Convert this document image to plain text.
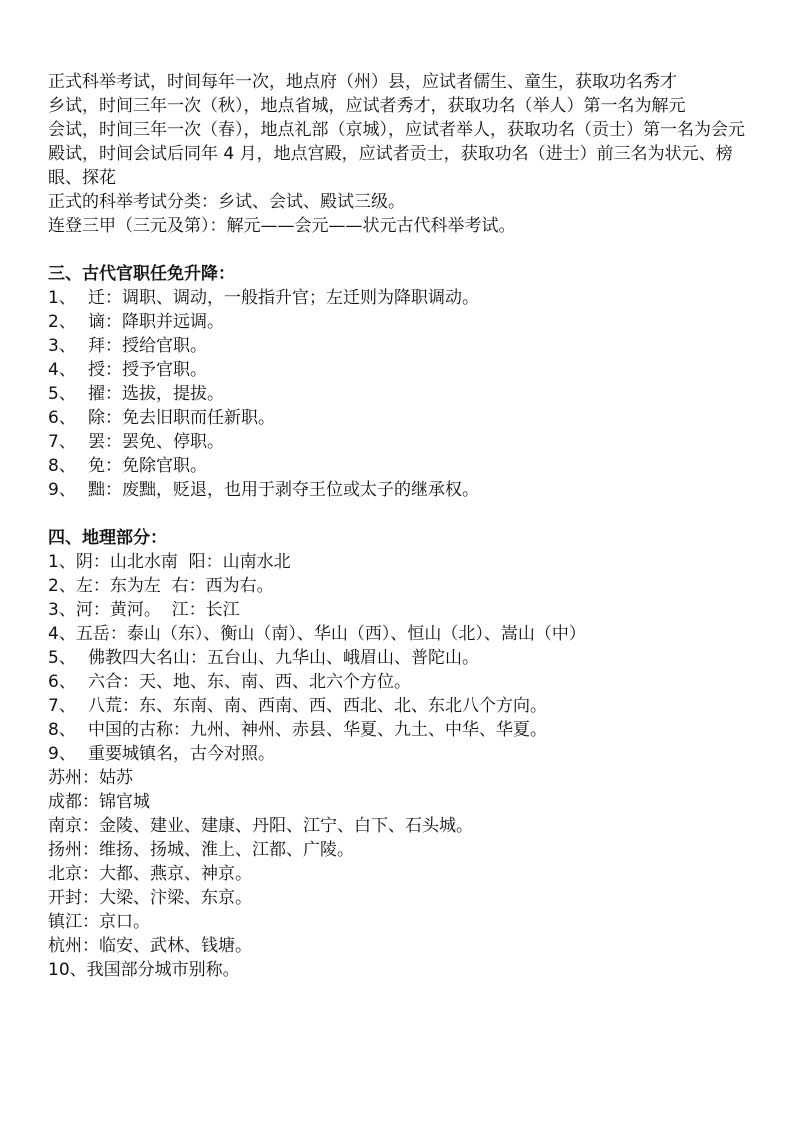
正式科举考试，时间每年一次，地点府（州）县，应试者儒生、童生，获取功名秀才
乡试，时间三年一次（秋），地点省城，应试者秀才，获取功名（举人）第一名为解元
会试，时间三年一次（春），地点礼部（京城），应试者举人，获取功名（贡士）第一名为会元
殿试，时间会试后同年 4 月，地点宫殿，应试者贡士，获取功名（进士）前三名为状元、榜眼、探花
正式的科举考试分类：乡试、会试、殿试三级。
连登三甲（三元及第）：解元——会元——状元古代科举考试。
三、古代官职任免升降：
1、 迁：调职、调动，一般指升官；左迁则为降职调动。
2、 谪：降职并远调。
3、 拜：授给官职。
4、 授：授予官职。
5、 擢：选拔，提拔。
6、 除：免去旧职而任新职。
7、 罢：罢免、停职。
8、 免：免除官职。
9、 黜：废黜，贬退，也用于剥夺王位或太子的继承权。
四、地理部分：
1、阴：山北水南  阳：山南水北
2、左：东为左  右：西为右。
3、河：黄河。  江：长江
4、五岳：泰山（东）、衡山（南）、华山（西）、恒山（北）、嵩山（中）
5、 佛教四大名山：五台山、九华山、峨眉山、普陀山。
6、 六合：天、地、东、南、西、北六个方位。
7、 八荒：东、东南、南、西南、西、西北、北、东北八个方向。
8、 中国的古称：九州、神州、赤县、华夏、九土、中华、华夏。
9、 重要城镇名，古今对照。
苏州：姑苏
成都：锦官城
南京：金陵、建业、建康、丹阳、江宁、白下、石头城。
扬州：维扬、扬城、淮上、江都、广陵。
北京：大都、燕京、神京。
开封：大梁、汴梁、东京。
镇江：京口。
杭州：临安、武林、钱塘。
10、我国部分城市别称。
